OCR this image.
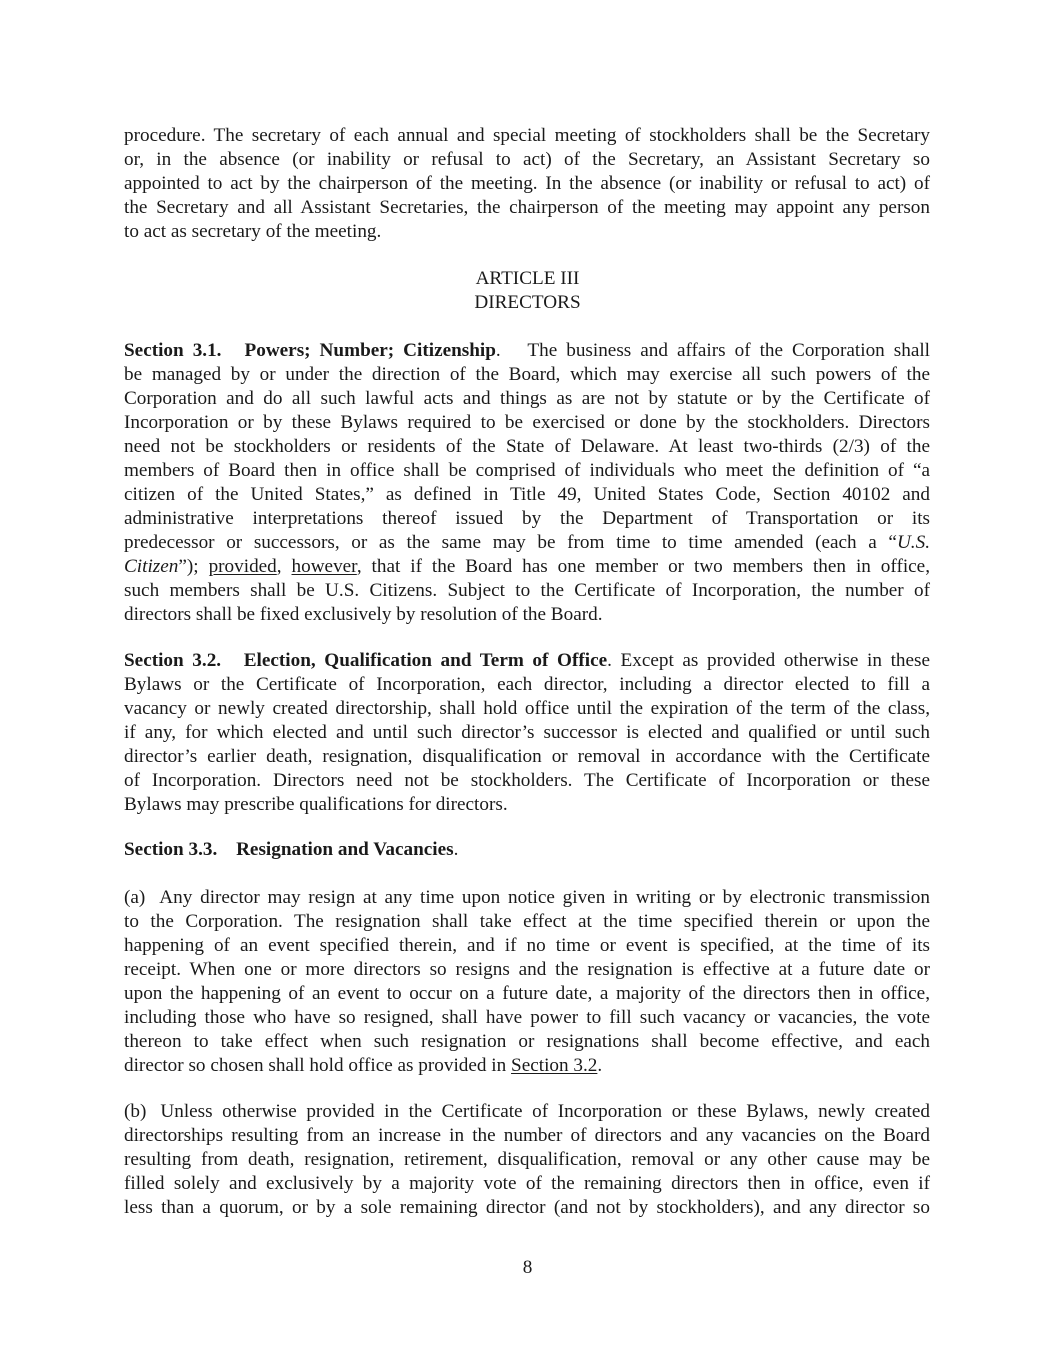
procedure. The secretary of each annual and special meeting of stockholders shall be the Secretary
or, in the absence (or inability or refusal to act) of the Secretary, an Assistant Secretary so
appointed to act by the chairperson of the meeting. In the absence (or inability or refusal to act) of
the Secretary and all Assistant Secretaries, the chairperson of the meeting may appoint any person
to act as secretary of the meeting.
ARTICLE III
DIRECTORS
Section 3.1. Powers; Number; Citizenship.   The business and affairs of the Corporation shall
be managed by or under the direction of the Board, which may exercise all such powers of the
Corporation and do all such lawful acts and things as are not by statute or by the Certificate of
Incorporation or by these Bylaws required to be exercised or done by the stockholders. Directors
need not be stockholders or residents of the State of Delaware. At least two-thirds (2/3) of the
members of Board then in office shall be comprised of individuals who meet the definition of “a
citizen of the United States,” as defined in Title 49, United States Code, Section 40102 and
administrative interpretations thereof issued by the Department of Transportation or its
predecessor or successors, or as the same may be from time to time amended (each a “U.S.
Citizen”); provided, however, that if the Board has one member or two members then in office,
such members shall be U.S. Citizens. Subject to the Certificate of Incorporation, the number of
directors shall be fixed exclusively by resolution of the Board.
Section 3.2. Election, Qualification and Term of Office. Except as provided otherwise in these
Bylaws or the Certificate of Incorporation, each director, including a director elected to fill a
vacancy or newly created directorship, shall hold office until the expiration of the term of the class,
if any, for which elected and until such director’s successor is elected and qualified or until such
director’s earlier death, resignation, disqualification or removal in accordance with the Certificate
of Incorporation. Directors need not be stockholders. The Certificate of Incorporation or these
Bylaws may prescribe qualifications for directors.
Section 3.3. Resignation and Vacancies.
(a) Any director may resign at any time upon notice given in writing or by electronic transmission
to the Corporation. The resignation shall take effect at the time specified therein or upon the
happening of an event specified therein, and if no time or event is specified, at the time of its
receipt. When one or more directors so resigns and the resignation is effective at a future date or
upon the happening of an event to occur on a future date, a majority of the directors then in office,
including those who have so resigned, shall have power to fill such vacancy or vacancies, the vote
thereon to take effect when such resignation or resignations shall become effective, and each
director so chosen shall hold office as provided in Section 3.2.
(b) Unless otherwise provided in the Certificate of Incorporation or these Bylaws, newly created
directorships resulting from an increase in the number of directors and any vacancies on the Board
resulting from death, resignation, retirement, disqualification, removal or any other cause may be
filled solely and exclusively by a majority vote of the remaining directors then in office, even if
less than a quorum, or by a sole remaining director (and not by stockholders), and any director so
8
